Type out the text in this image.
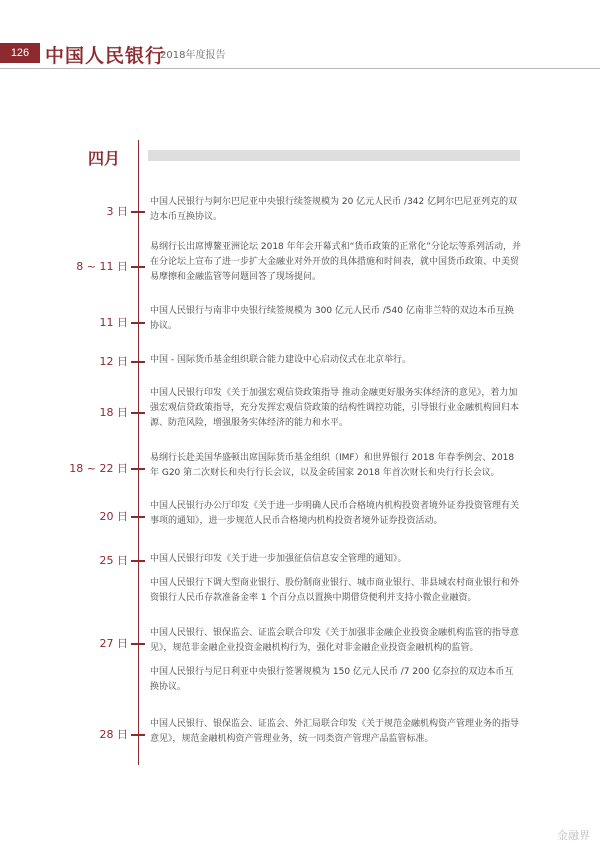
126 中国人民银行
2018年度报告
四月
3 日
中国人民银行与阿尔巴尼亚中央银行续签规模为 20 亿元人民币 /342 亿阿尔巴尼亚列克的双边本币互换协议。
8 ~ 11 日
易纲行长出席博鳌亚洲论坛 2018 年年会开幕式和“货币政策的正常化”分论坛等系列活动，并在分论坛上宣布了进一步扩大金融业对外开放的具体措施和时间表，就中国货币政策、中美贸易摩擦和金融监管等问题回答了现场提问。
11 日
中国人民银行与南非中央银行续签规模为 300 亿元人民币 /540 亿南非兰特的双边本币互换协议。
12 日 中国 - 国际货币基金组织联合能力建设中心启动仪式在北京举行。
18 日
中国人民银行印发《关于加强宏观信贷政策指导 推动金融更好服务实体经济的意见》，着力加强宏观信贷政策指导，充分发挥宏观信贷政策的结构性调控功能，引导银行业金融机构回归本源、防范风险，增强服务实体经济的能力和水平。
18 ~ 22 日
易纲行长赴美国华盛顿出席国际货币基金组织（IMF）和世界银行 2018 年春季例会、2018 年 G20 第二次财长和央行行长会议，以及金砖国家 2018 年首次财长和央行行长会议。
20 日
中国人民银行办公厅印发《关于进一步明确人民币合格境内机构投资者境外证券投资管理有关事项的通知》，进一步规范人民币合格境内机构投资者境外证券投资活动。
25 日 中国人民银行印发《关于进一步加强征信信息安全管理的通知》。
中国人民银行下调大型商业银行、股份制商业银行、城市商业银行、非县域农村商业银行和外资银行人民币存款准备金率 1 个百分点以置换中期借贷便利并支持小微企业融资。
27 日
中国人民银行、银保监会、证监会联合印发《关于加强非金融企业投资金融机构监管的指导意见》，规范非金融企业投资金融机构行为，强化对非金融企业投资金融机构的监管。
中国人民银行与尼日利亚中央银行签署规模为 150 亿元人民币 /7 200 亿奈拉的双边本币互换协议。
28 日
中国人民银行、银保监会、证监会、外汇局联合印发《关于规范金融机构资产管理业务的指导意见》，规范金融机构资产管理业务，统一同类资产管理产品监管标准。
金融界
